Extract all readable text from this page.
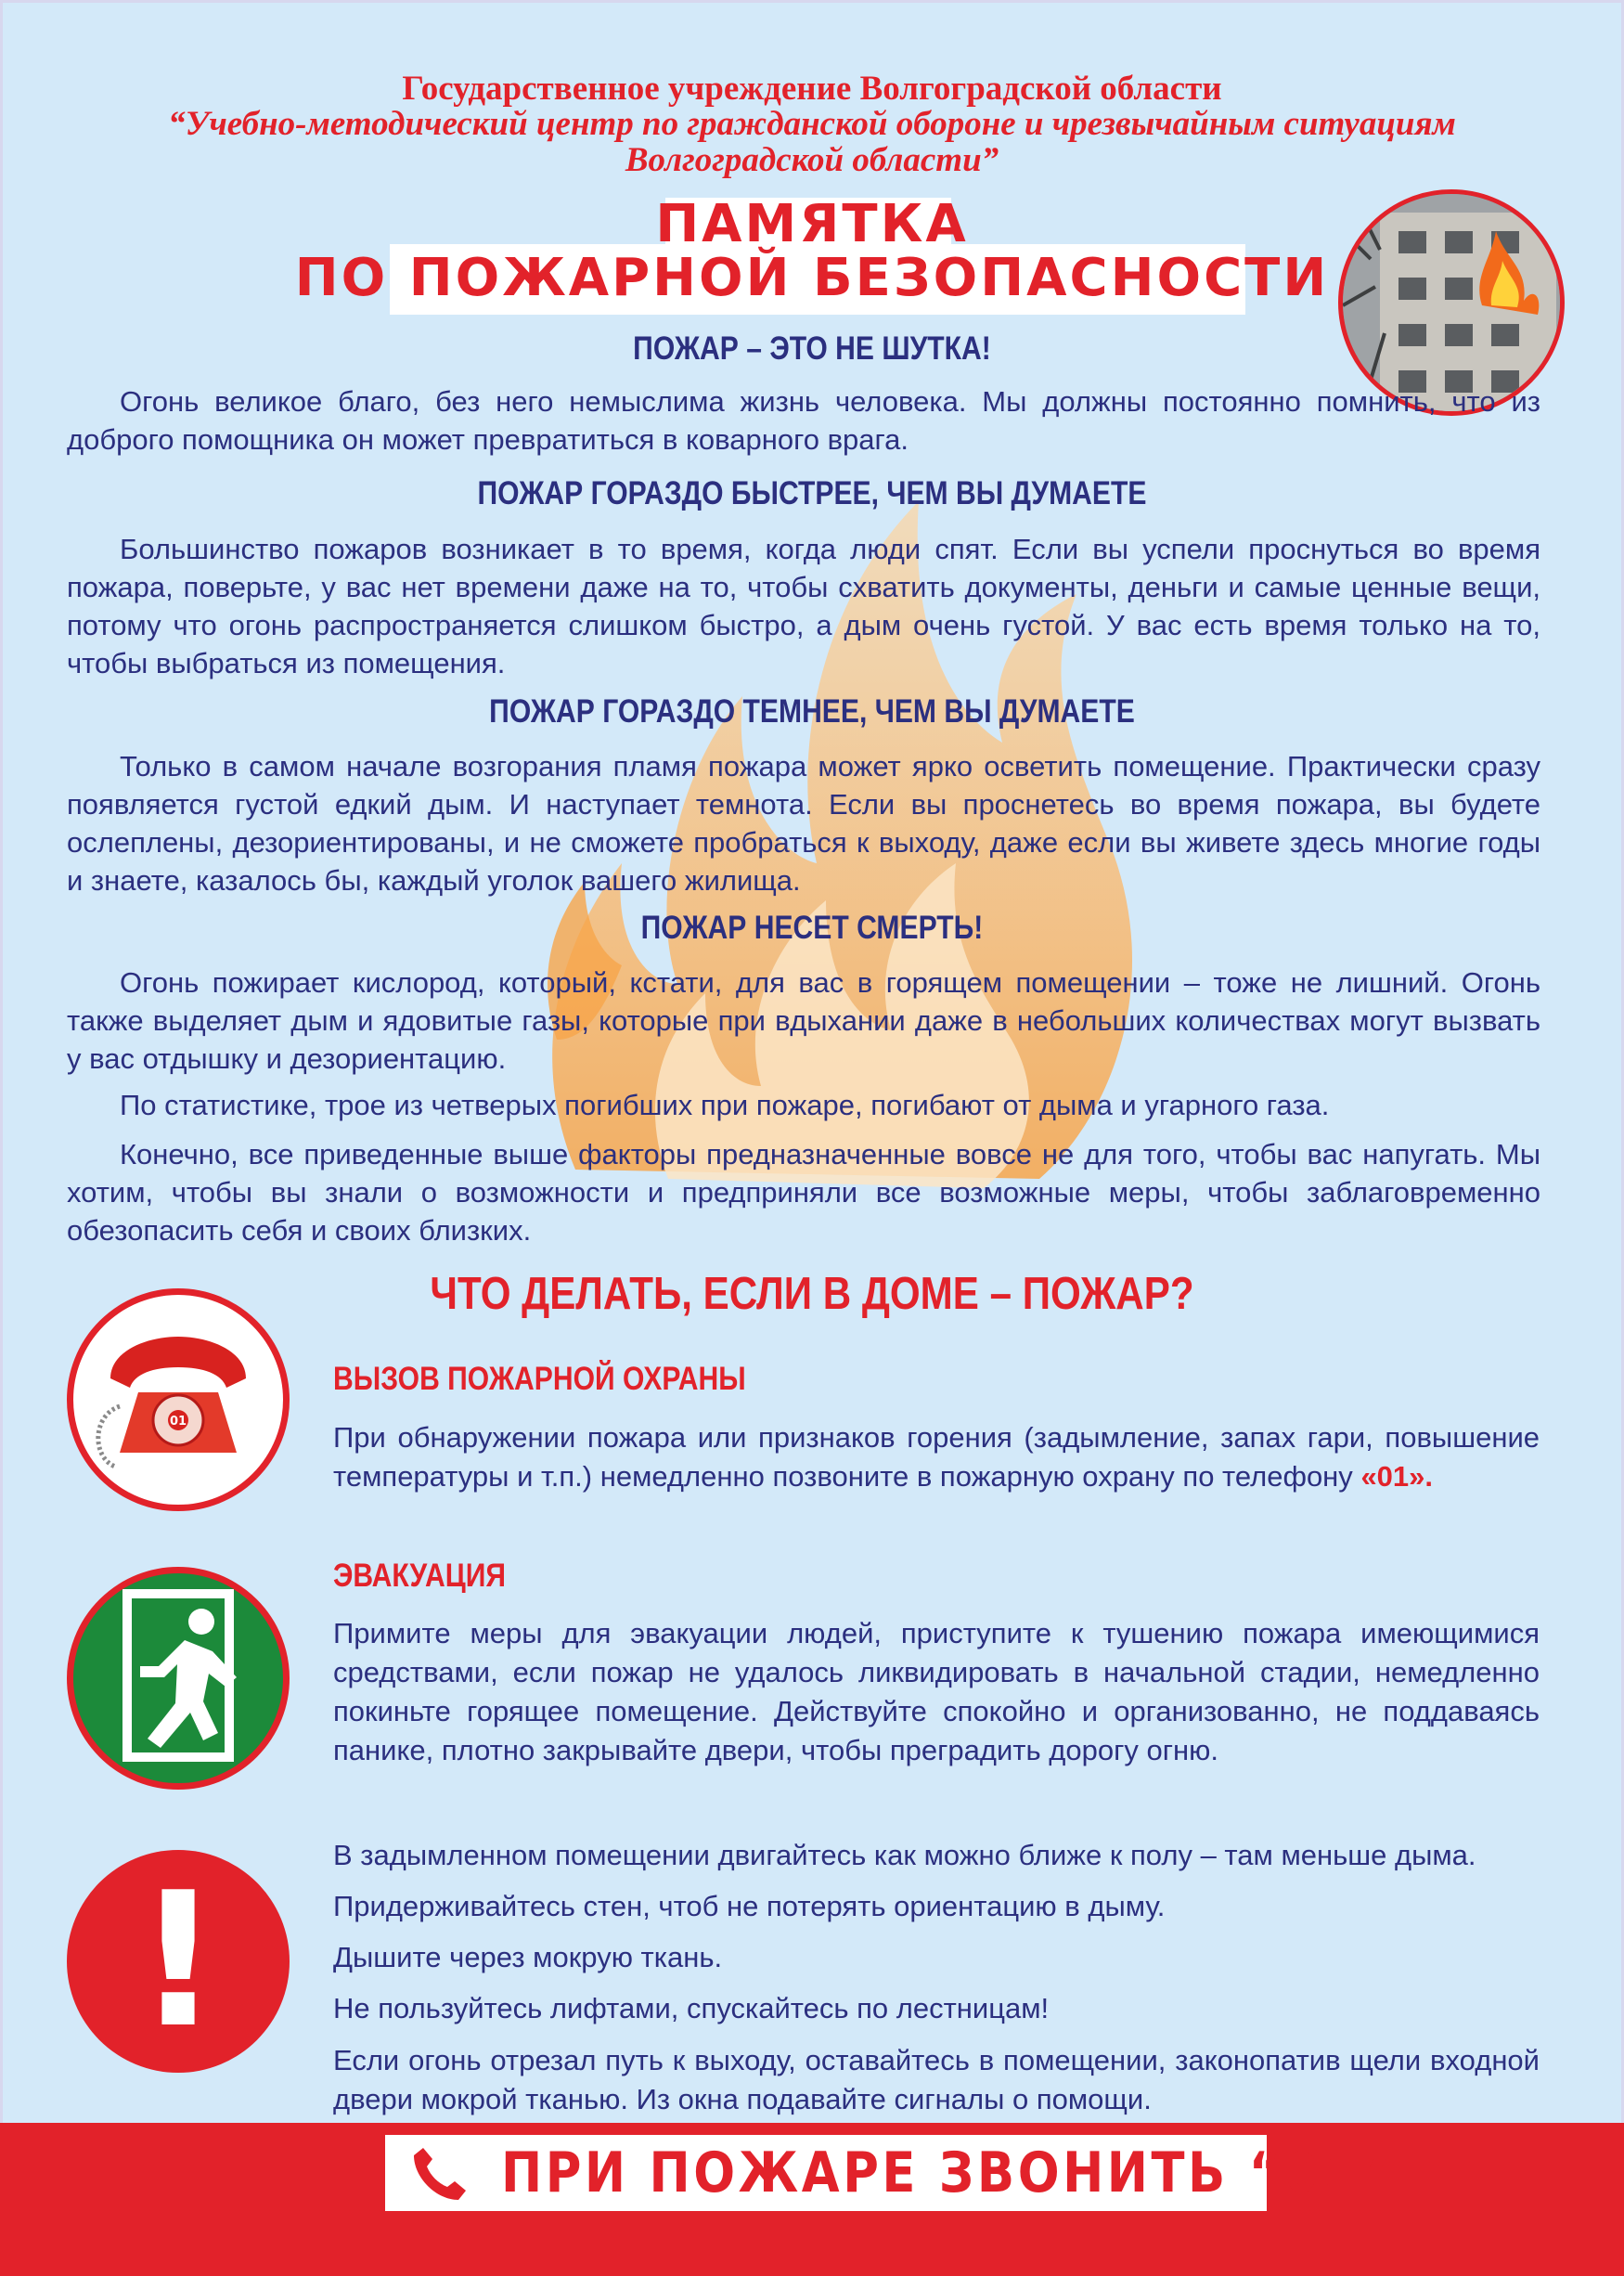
Государственное учреждение Волгоградской области
“Учебно-методический центр по гражданской обороне и чрезвычайным ситуациям
Волгоградской области”
ПАМЯТКА
ПО ПОЖАРНОЙ БЕЗОПАСНОСТИ
ПОЖАР – ЭТО НЕ ШУТКА!
Огонь великое благо, без него немыслима жизнь человека. Мы должны постоянно помнить, что из доброго помощника он может превратиться в коварного врага.
ПОЖАР ГОРАЗДО БЫСТРЕЕ, ЧЕМ ВЫ ДУМАЕТЕ
Большинство пожаров возникает в то время, когда люди спят. Если вы успели проснуться во время пожара, поверьте, у вас нет времени даже на то, чтобы схватить документы, деньги и самые ценные вещи, потому что огонь распространяется слишком быстро, а дым очень густой. У вас есть время только на то, чтобы выбраться из помещения.
ПОЖАР ГОРАЗДО ТЕМНЕЕ, ЧЕМ ВЫ ДУМАЕТЕ
Только в самом начале возгорания пламя пожара может ярко осветить помещение. Практически сразу появляется густой едкий дым. И наступает темнота. Если вы проснетесь во время пожара, вы будете ослеплены, дезориентированы, и не сможете пробраться к выходу, даже если вы живете здесь многие годы и знаете, казалось бы, каждый уголок вашего жилища.
ПОЖАР НЕСЕТ СМЕРТЬ!
Огонь пожирает кислород, который, кстати, для вас в горящем помещении – тоже не лишний. Огонь также выделяет дым и ядовитые газы, которые при вдыхании даже в небольших количествах могут вызвать у вас отдышку и дезориентацию.
По статистике, трое из четверых погибших при пожаре, погибают от дыма и угарного газа.
Конечно, все приведенные выше факторы предназначенные вовсе не для того, чтобы вас напугать. Мы хотим, чтобы вы знали о возможности и предприняли все возможные меры, чтобы заблаговременно обезопасить себя и своих близких.
ЧТО ДЕЛАТЬ, ЕСЛИ В ДОМЕ – ПОЖАР?
01
ВЫЗОВ ПОЖАРНОЙ ОХРАНЫ
При обнаружении пожара или признаков горения (задымление, запах гари, повышение температуры и т.п.) немедленно позвоните в пожарную охрану по телефону «01».
ЭВАКУАЦИЯ
Примите меры для эвакуации людей, приступите к тушению пожара имеющимися средствами, если пожар не удалось ликвидировать в начальной стадии, немедленно покиньте горящее помещение. Действуйте спокойно и организованно, не поддаваясь панике, плотно закрывайте двери, чтобы преградить дорогу огню.
!	В задымленном помещении двигайтесь как можно ближе к полу – там меньше дыма.
Придерживайтесь стен, чтоб не потерять ориентацию в дыму.
Дышите через мокрую ткань.
Не пользуйтесь лифтами, спускайтесь по лестницам!
Если огонь отрезал путь к выходу, оставайтесь в помещении, законопатив щели входной двери мокрой тканью. Из окна подавайте сигналы о помощи.
ПРИ ПОЖАРЕ ЗВОНИТЬ “01”
